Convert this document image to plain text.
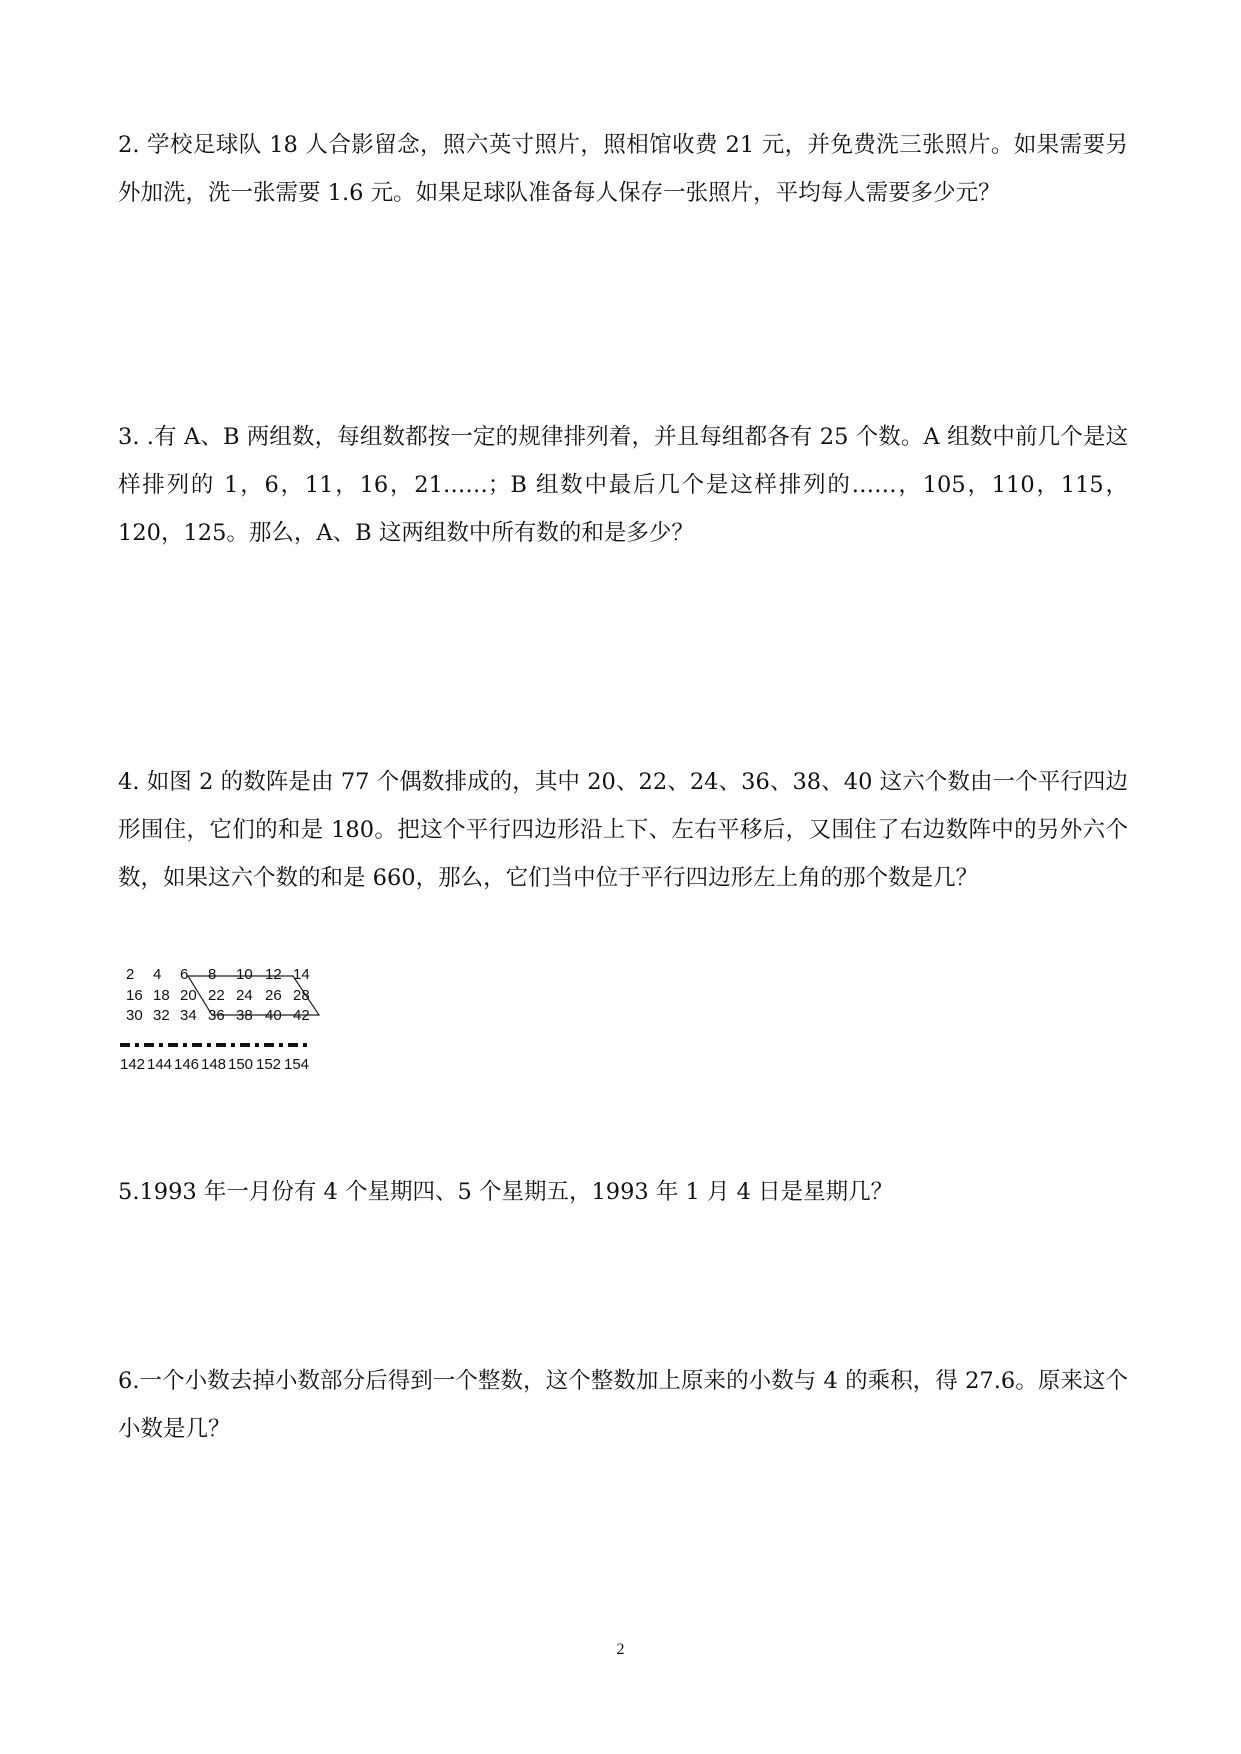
2. 学校足球队 18 人合影留念，照六英寸照片，照相馆收费 21 元，并免费洗三张照片。如果需要另外加洗，洗一张需要 1.6 元。如果足球队准备每人保存一张照片，平均每人需要多少元？

3. .有 A、B 两组数，每组数都按一定的规律排列着，并且每组都各有 25 个数。A 组数中前几个是这样排列的 1，6，11，16，21……；B 组数中最后几个是这样排列的……，105，110，115，120，125。那么，A、B 这两组数中所有数的和是多少？

4. 如图 2 的数阵是由 77 个偶数排成的，其中 20、22、24、36、38、40 这六个数由一个平行四边形围住，它们的和是 180。把这个平行四边形沿上下、左右平移后，又围住了右边数阵中的另外六个数，如果这六个数的和是 660，那么，它们当中位于平行四边形左上角的那个数是几？

2 4 6 8 10 12 14
16 18 20 22 24 26 28
30 32 34 36 38 40 42
142 144 146 148 150 152 154

5.1993 年一月份有 4 个星期四、5 个星期五，1993 年 1 月 4 日是星期几？

6.一个小数去掉小数部分后得到一个整数，这个整数加上原来的小数与 4 的乘积，得 27.6。原来这个小数是几？

2
